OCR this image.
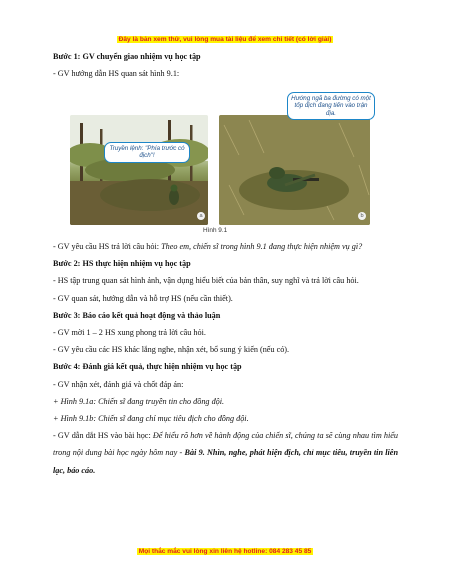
Đây là bản xem thử, vui lòng mua tài liệu để xem chi tiết (có lời giải)
Bước 1: GV chuyển giao nhiệm vụ học tập
- GV hướng dẫn HS quan sát hình 9.1:
Truyền lệnh: "Phía trước có địch"!
Hướng ngã ba đường có một tốp địch đang tiến vào trận địa.
a	b
Hình 9.1
- GV yêu cầu HS trả lời câu hỏi: Theo em, chiến sĩ trong hình 9.1 đang thực hiện nhiệm vụ gì?
Bước 2: HS thực hiện nhiệm vụ học tập
- HS tập trung quan sát hình ảnh, vận dụng hiểu biết của bản thân, suy nghĩ và trả lời câu hỏi.
- GV quan sát, hướng dẫn và hỗ trợ HS (nếu cần thiết).
Bước 3: Báo cáo kết quả hoạt động và thảo luận
- GV mời 1 – 2 HS xung phong trả lời câu hỏi.
- GV yêu cầu các HS khác lắng nghe, nhận xét, bổ sung ý kiến (nếu có).
Bước 4: Đánh giá kết quả, thực hiện nhiệm vụ học tập
- GV nhận xét, đánh giá và chốt đáp án:
+ Hình 9.1a: Chiến sĩ đang truyền tin cho đồng đội.
+ Hình 9.1b: Chiến sĩ đang chỉ mục tiêu địch cho đồng đội.
- GV dẫn dắt HS vào bài học: Để hiểu rõ hơn về hành động của chiến sĩ, chúng ta sẽ cùng nhau tìm hiểu trong nội dung bài học ngày hôm nay - Bài 9. Nhìn, nghe, phát hiện địch, chỉ mục tiêu, truyền tin liên lạc, báo cáo.
Mọi thắc mắc vui lòng xin liên hệ hotline: 084 283 45 85
